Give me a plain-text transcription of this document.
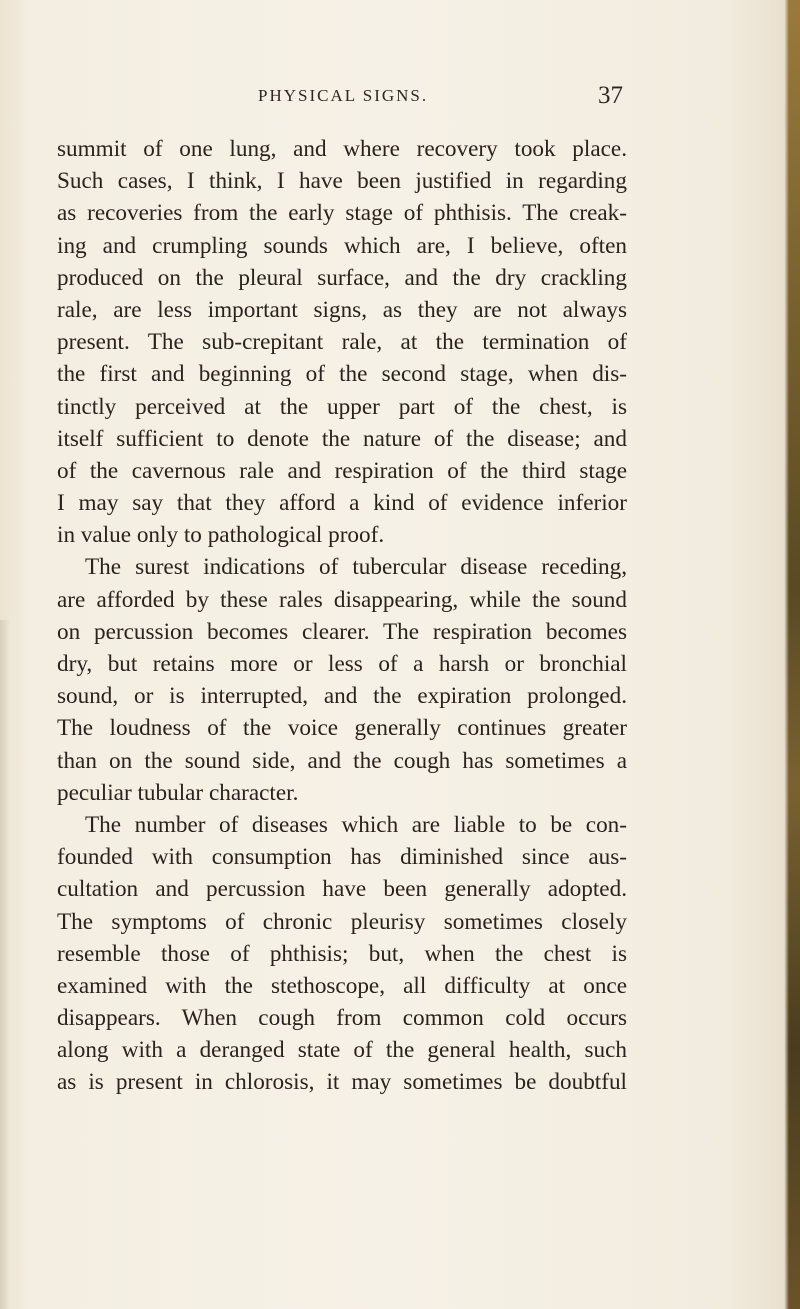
PHYSICAL SIGNS.	37
summit of one lung, and where recovery took place.
Such cases, I think, I have been justified in regarding
as recoveries from the early stage of phthisis. The creak-
ing and crumpling sounds which are, I believe, often
produced on the pleural surface, and the dry crackling
rale, are less important signs, as they are not always
present. The sub-crepitant rale, at the termination of
the first and beginning of the second stage, when dis-
tinctly perceived at the upper part of the chest, is
itself sufficient to denote the nature of the disease; and
of the cavernous rale and respiration of the third stage
I may say that they afford a kind of evidence inferior
in value only to pathological proof.
The surest indications of tubercular disease receding,
are afforded by these rales disappearing, while the sound
on percussion becomes clearer. The respiration becomes
dry, but retains more or less of a harsh or bronchial
sound, or is interrupted, and the expiration prolonged.
The loudness of the voice generally continues greater
than on the sound side, and the cough has sometimes a
peculiar tubular character.
The number of diseases which are liable to be con-
founded with consumption has diminished since aus-
cultation and percussion have been generally adopted.
The symptoms of chronic pleurisy sometimes closely
resemble those of phthisis; but, when the chest is
examined with the stethoscope, all difficulty at once
disappears. When cough from common cold occurs
along with a deranged state of the general health, such
as is present in chlorosis, it may sometimes be doubtful
